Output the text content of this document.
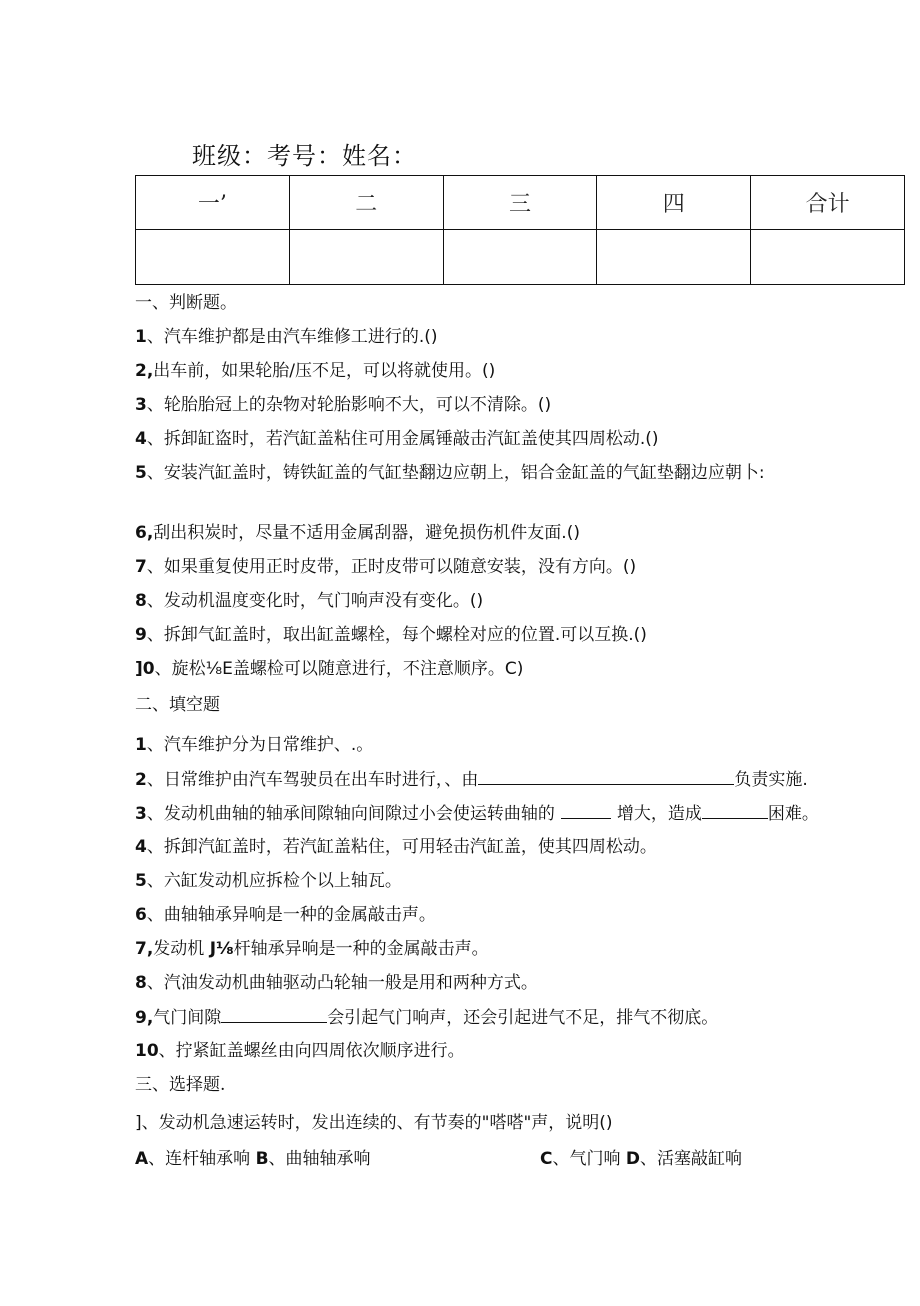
班级：考号：姓名：
一’	二	三	四	合计

一、判断题。
1、汽车维护都是由汽车维修工进行的.()
2,出车前，如果轮胎/压不足，可以将就使用。()
3、轮胎胎冠上的杂物对轮胎影响不大，可以不清除。()
4、拆卸缸盗时，若汽缸盖粘住可用金属锤敲击汽缸盖使其四周松动.()
5、安装汽缸盖时，铸铁缸盖的气缸垫翻边应朝上，铝合金缸盖的气缸垫翻边应朝卜:
6,刮出积炭时，尽量不适用金属刮器，避免损伤机件友面.()
7、如果重复使用正时皮带，正时皮带可以随意安装，没有方向。()
8、发动机温度变化时，气门响声没有变化。()
9、拆卸气缸盖时，取出缸盖螺栓，每个螺栓对应的位置.可以互换.()
]0、旋松⅛E盖螺检可以随意进行，不注意顺序。C)
二、填空题
1、汽车维护分为日常维护、.。
2、日常维护由汽车驾驶员在出车时进行，、由	负责实施.
3、发动机曲轴的轴承间隙轴向间隙过小会使运转曲轴的	增大，造成	困难。
4、拆卸汽缸盖时，若汽缸盖粘住，可用轻击汽缸盖，使其四周松动。
5、六缸发动机应拆检个以上轴瓦。
6、曲轴轴承异响是一种的金属敲击声。
7,发动机 J⅛杆轴承异响是一种的金属敲击声。
8、汽油发动机曲轴驱动凸轮轴一般是用和两种方式。
9,气门间隙	会引起气门响声，还会引起进气不足，排气不彻底。
10、拧紧缸盖螺丝由向四周依次顺序进行。
三、选择题.
]、发动机急速运转时，发出连续的、有节奏的"嗒嗒"声，说明()
A、连杆轴承响 B、曲轴轴承响	C、气门响 D、活塞敲缸响
